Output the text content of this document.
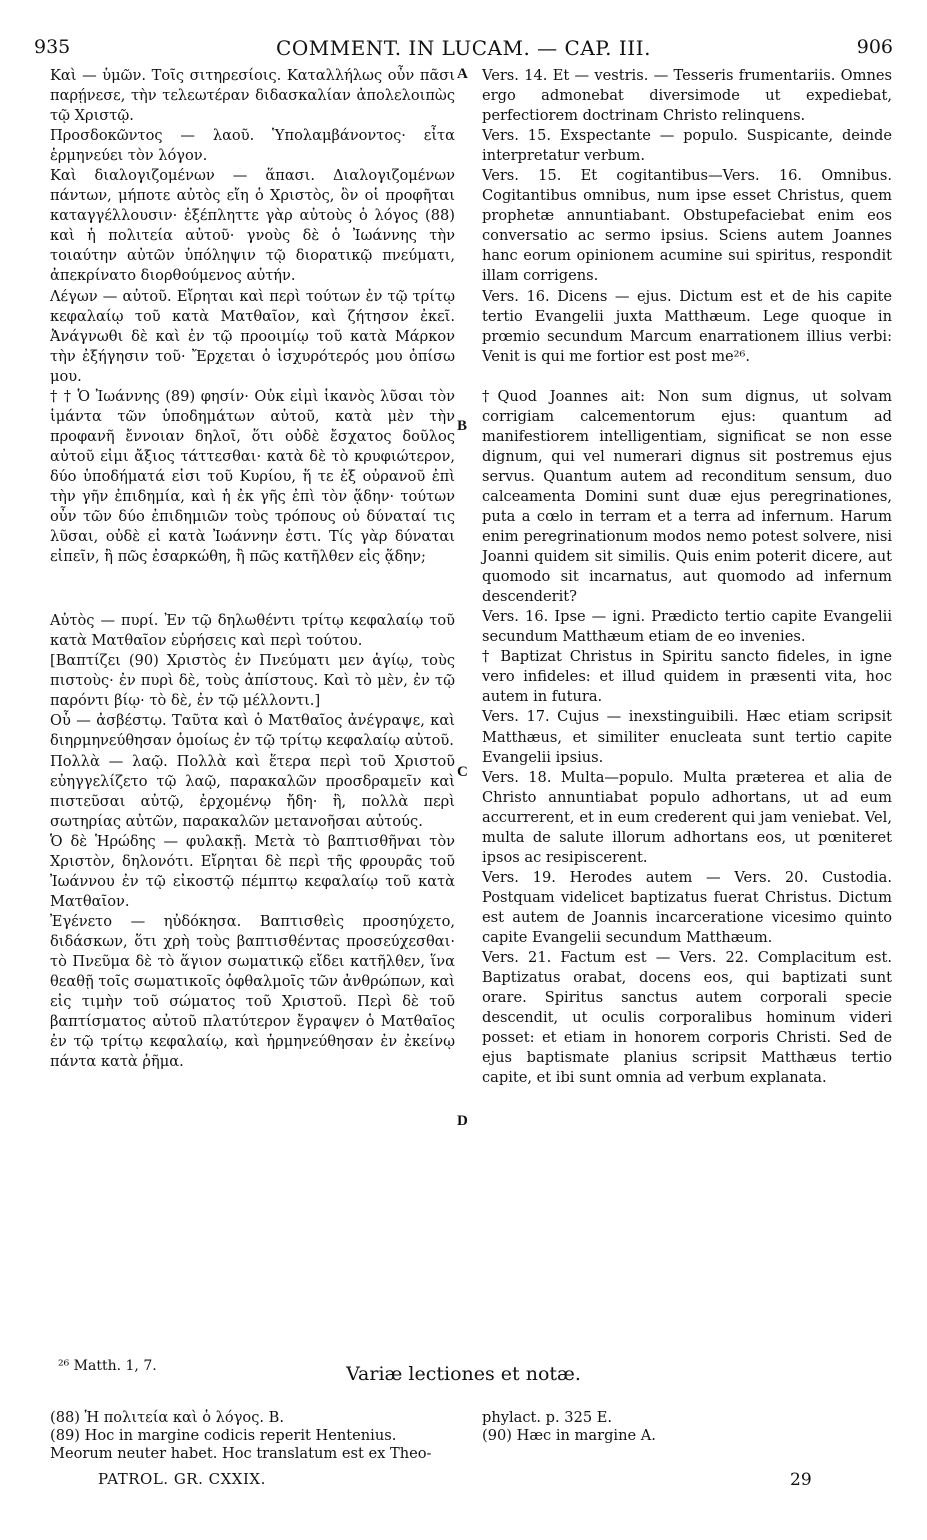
935	COMMENT. IN LUCAM. — CAP. III.	906
A
B
C
D

Καὶ — ὑμῶν. Τοῖς σιτηρεσίοις. Καταλλήλως οὖν πᾶσι παρῄνεσε, τὴν τελεωτέραν διδασκαλίαν ἀπολελοιπὼς τῷ Χριστῷ.

Προσδοκῶντος — λαοῦ. Ὑπολαμβάνοντος· εἶτα ἑρμηνεύει τὸν λόγον.

Καὶ διαλογιζομένων — ἅπασι. Διαλογιζομένων πάντων, μήποτε αὐτὸς εἴη ὁ Χριστὸς, ὃν οἱ προφῆται καταγγέλλουσιν· ἐξέπληττε γὰρ αὐτοὺς ὁ λόγος (88) καὶ ἡ πολιτεία αὐτοῦ· γνοὺς δὲ ὁ Ἰωάννης τὴν τοιαύτην αὐτῶν ὑπόληψιν τῷ διορατικῷ πνεύματι, ἀπεκρίνατο διορθούμενος αὐτήν.

Λέγων — αὐτοῦ. Εἴρηται καὶ περὶ τούτων ἐν τῷ τρίτῳ κεφαλαίῳ τοῦ κατὰ Ματθαῖον, καὶ ζήτησον ἐκεῖ. Ἀνάγνωθι δὲ καὶ ἐν τῷ προοιμίῳ τοῦ κατὰ Μάρκον τὴν ἐξήγησιν τοῦ· Ἔρχεται ὁ ἰσχυρότερός μου ὀπίσω μου.

† † Ὁ Ἰωάννης (89) φησίν· Οὐκ εἰμὶ ἱκανὸς λῦσαι τὸν ἱμάντα τῶν ὑποδημάτων αὐτοῦ, κατὰ μὲν τὴν προφανῆ ἔννοιαν δηλοῖ, ὅτι οὐδὲ ἔσχατος δοῦλος αὐτοῦ εἰμι ἄξιος τάττεσθαι· κατὰ δὲ τὸ κρυφιώτερον, δύο ὑποδήματά εἰσι τοῦ Κυρίου, ἥ τε ἐξ οὐρανοῦ ἐπὶ τὴν γῆν ἐπιδημία, καὶ ἡ ἐκ γῆς ἐπὶ τὸν ᾅδην· τούτων οὖν τῶν δύο ἐπιδημιῶν τοὺς τρόπους οὐ δύναταί τις λῦσαι, οὐδὲ εἰ κατὰ Ἰωάννην ἐστι. Τίς γὰρ δύναται εἰπεῖν, ἢ πῶς ἐσαρκώθη, ἢ πῶς κατῆλθεν εἰς ᾅδην;

Αὐτὸς — πυρί. Ἐν τῷ δηλωθέντι τρίτῳ κεφαλαίῳ τοῦ κατὰ Ματθαῖον εὑρήσεις καὶ περὶ τούτου.

[Βαπτίζει (90) Χριστὸς ἐν Πνεύματι μεν ἁγίῳ, τοὺς πιστοὺς· ἐν πυρὶ δὲ, τοὺς ἀπίστους. Καὶ τὸ μὲν, ἐν τῷ παρόντι βίῳ· τὸ δὲ, ἐν τῷ μέλλοντι.]

Οὗ — ἀσβέστῳ. Ταῦτα καὶ ὁ Ματθαῖος ἀνέγραψε, καὶ διηρμηνεύθησαν ὁμοίως ἐν τῷ τρίτῳ κεφαλαίῳ αὐτοῦ.

Πολλὰ — λαῷ. Πολλὰ καὶ ἕτερα περὶ τοῦ Χριστοῦ εὐηγγελίζετο τῷ λαῷ, παρακαλῶν προσδραμεῖν καὶ πιστεῦσαι αὐτῷ, ἐρχομένῳ ἤδη· ἢ, πολλὰ περὶ σωτηρίας αὐτῶν, παρακαλῶν μετανοῆσαι αὐτούς.

Ὁ δὲ Ἡρώδης — φυλακῇ. Μετὰ τὸ βαπτισθῆναι τὸν Χριστὸν, δηλονότι. Εἴρηται δὲ περὶ τῆς φρουρᾶς τοῦ Ἰωάννου ἐν τῷ εἰκοστῷ πέμπτῳ κεφαλαίῳ τοῦ κατὰ Ματθαῖον.

Ἐγένετο — ηὐδόκησα. Βαπτισθεὶς προσηύχετο, διδάσκων, ὅτι χρὴ τοὺς βαπτισθέντας προσεύχεσθαι· τὸ Πνεῦμα δὲ τὸ ἅγιον σωματικῷ εἴδει κατῆλθεν, ἵνα θεαθῇ τοῖς σωματικοῖς ὀφθαλμοῖς τῶν ἀνθρώπων, καὶ εἰς τιμὴν τοῦ σώματος τοῦ Χριστοῦ. Περὶ δὲ τοῦ βαπτίσματος αὐτοῦ πλατύτερον ἔγραψεν ὁ Ματθαῖος ἐν τῷ τρίτῳ κεφαλαίῳ, καὶ ἡρμηνεύθησαν ἐν ἐκείνῳ πάντα κατὰ ῥῆμα.

Vers. 14. Et — vestris. — Tesseris frumentariis. Omnes ergo admonebat diversimode ut expediebat, perfectiorem doctrinam Christo relinquens.

Vers. 15. Exspectante — populo. Suspicante, deinde interpretatur verbum.

Vers. 15. Et cogitantibus—Vers. 16. Omnibus. Cogitantibus omnibus, num ipse esset Christus, quem prophetæ annuntiabant. Obstupefaciebat enim eos conversatio ac sermo ipsius. Sciens autem Joannes hanc eorum opinionem acumine sui spiritus, respondit illam corrigens.

Vers. 16. Dicens — ejus. Dictum est et de his capite tertio Evangelii juxta Matthæum. Lege quoque in prœmio secundum Marcum enarrationem illius verbi: Venit is qui me fortior est post me²⁶.

†Quod Joannes ait: Non sum dignus, ut solvam corrigiam calcementorum ejus: quantum ad manifestiorem intelligentiam, significat se non esse dignum, qui vel numerari dignus sit postremus ejus servus. Quantum autem ad reconditum sensum, duo calceamenta Domini sunt duæ ejus peregrinationes, puta a cœlo in terram et a terra ad infernum. Harum enim peregrinationum modos nemo potest solvere, nisi Joanni quidem sit similis. Quis enim poterit dicere, aut quomodo sit incarnatus, aut quomodo ad infernum descenderit?

Vers. 16. Ipse — igni. Prædicto tertio capite Evangelii secundum Matthæum etiam de eo invenies.

† Baptizat Christus in Spiritu sancto fideles, in igne vero infideles: et illud quidem in præsenti vita, hoc autem in futura.

Vers. 17. Cujus — inexstinguibili. Hæc etiam scripsit Matthæus, et similiter enucleata sunt tertio capite Evangelii ipsius.

Vers. 18. Multa—populo. Multa præterea et alia de Christo annuntiabat populo adhortans, ut ad eum accurrerent, et in eum crederent qui jam veniebat. Vel, multa de salute illorum adhortans eos, ut pœniteret ipsos ac resipiscerent.

Vers. 19. Herodes autem — Vers. 20. Custodia. Postquam videlicet baptizatus fuerat Christus. Dictum est autem de Joannis incarceratione vicesimo quinto capite Evangelii secundum Matthæum.

Vers. 21. Factum est — Vers. 22. Complacitum est. Baptizatus orabat, docens eos, qui baptizati sunt orare. Spiritus sanctus autem corporali specie descendit, ut oculis corporalibus hominum videri posset: et etiam in honorem corporis Christi. Sed de ejus baptismate planius scripsit Matthæus tertio capite, et ibi sunt omnia ad verbum explanata.

²⁶ Matth. 1, 7.	Variæ lectiones et notæ.
(88) Ἡ πολιτεία καὶ ὁ λόγος. B.
(89) Hoc in margine codicis reperit Hentenius.
Meorum neuter habet. Hoc translatum est ex Theo-
phylact. p. 325 E.
(90) Hæc in margine A.
PATROL. GR. CXXIX.	29
